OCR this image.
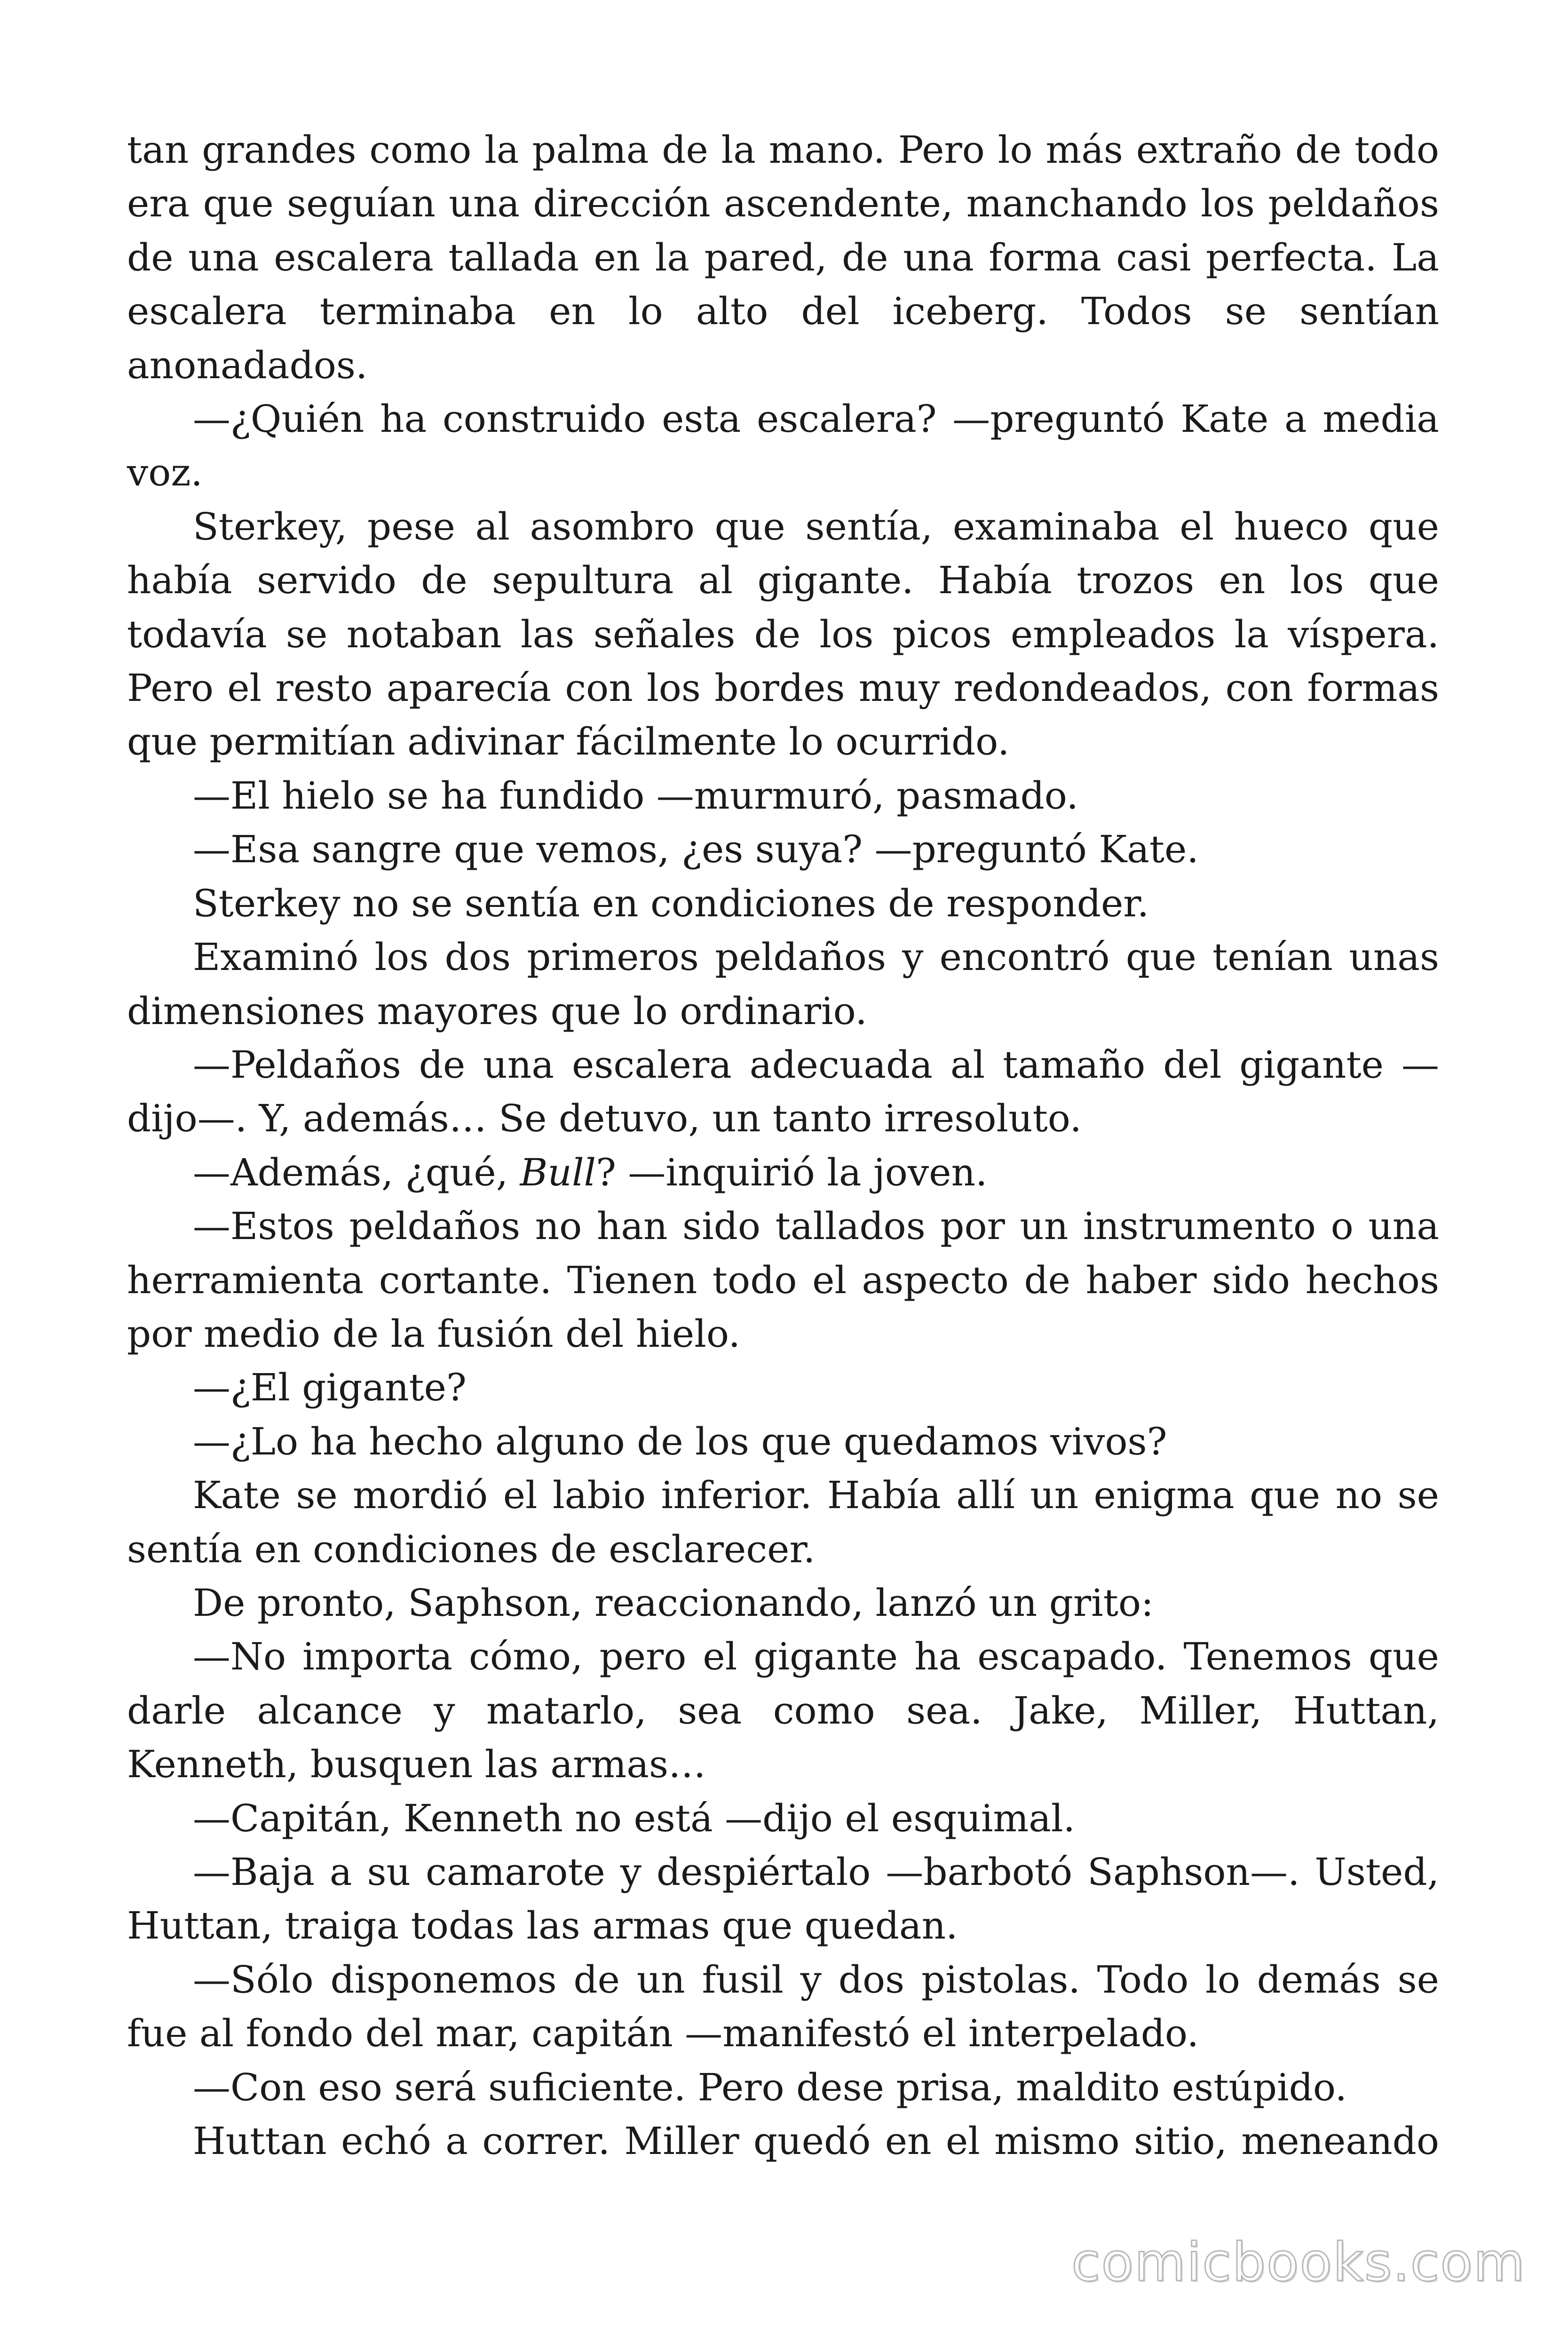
tan grandes como la palma de la mano. Pero lo más extraño de todo era que seguían una dirección ascendente, manchando los peldaños de una escalera tallada en la pared, de una forma casi perfecta. La escalera terminaba en lo alto del iceberg. Todos se sentían anonadados.

—¿Quién ha construido esta escalera? —preguntó Kate a media voz.

Sterkey, pese al asombro que sentía, examinaba el hueco que había servido de sepultura al gigante. Había trozos en los que todavía se notaban las señales de los picos empleados la víspera. Pero el resto aparecía con los bordes muy redondeados, con formas que permitían adivinar fácilmente lo ocurrido.

—El hielo se ha fundido —murmuró, pasmado.

—Esa sangre que vemos, ¿es suya? —preguntó Kate.

Sterkey no se sentía en condiciones de responder.

Examinó los dos primeros peldaños y encontró que tenían unas dimensiones mayores que lo ordinario.

—Peldaños de una escalera adecuada al tamaño del gigante —dijo—. Y, además… Se detuvo, un tanto irresoluto.

—Además, ¿qué, Bull? —inquirió la joven.

—Estos peldaños no han sido tallados por un instrumento o una herramienta cortante. Tienen todo el aspecto de haber sido hechos por medio de la fusión del hielo.

—¿El gigante?

—¿Lo ha hecho alguno de los que quedamos vivos?

Kate se mordió el labio inferior. Había allí un enigma que no se sentía en condiciones de esclarecer.

De pronto, Saphson, reaccionando, lanzó un grito:

—No importa cómo, pero el gigante ha escapado. Tenemos que darle alcance y matarlo, sea como sea. Jake, Miller, Huttan, Kenneth, busquen las armas…

—Capitán, Kenneth no está —dijo el esquimal.

—Baja a su camarote y despiértalo —barbotó Saphson—. Usted, Huttan, traiga todas las armas que quedan.

—Sólo disponemos de un fusil y dos pistolas. Todo lo demás se fue al fondo del mar, capitán —manifestó el interpelado.

—Con eso será suficiente. Pero dese prisa, maldito estúpido.

Huttan echó a correr. Miller quedó en el mismo sitio, meneando

comicbooks.com
